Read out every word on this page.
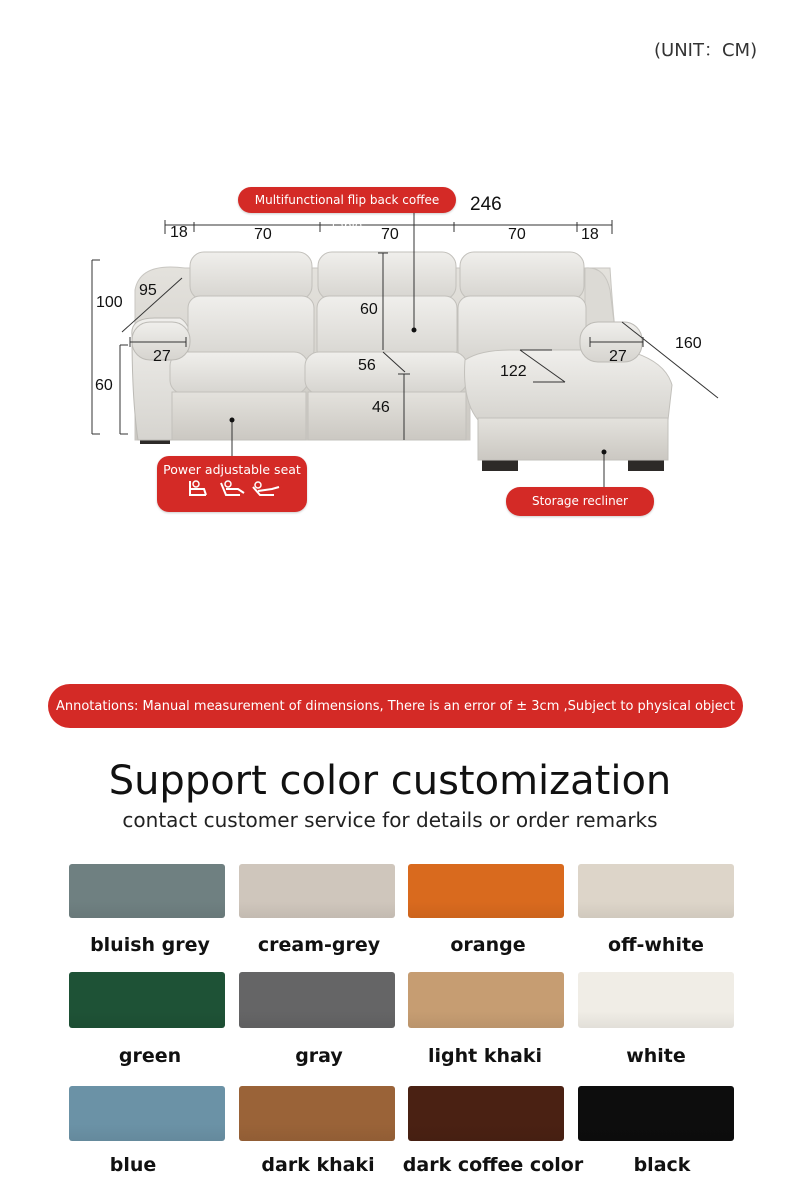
(UNIT：CM)
246
18	70	70	70	18
100
95
60
60
27
56
46
122
27
160
Multifunctional flip back coffee table
Power adjustable seat
Storage recliner
Annotations: Manual measurement of dimensions, There is an error of ± 3cm ,Subject to physical object
Support color customization
contact customer service for details or order remarks
bluish grey	cream-grey	orange	off-white
green	gray	light khaki	white
blue	dark khaki	dark coffee color	black
